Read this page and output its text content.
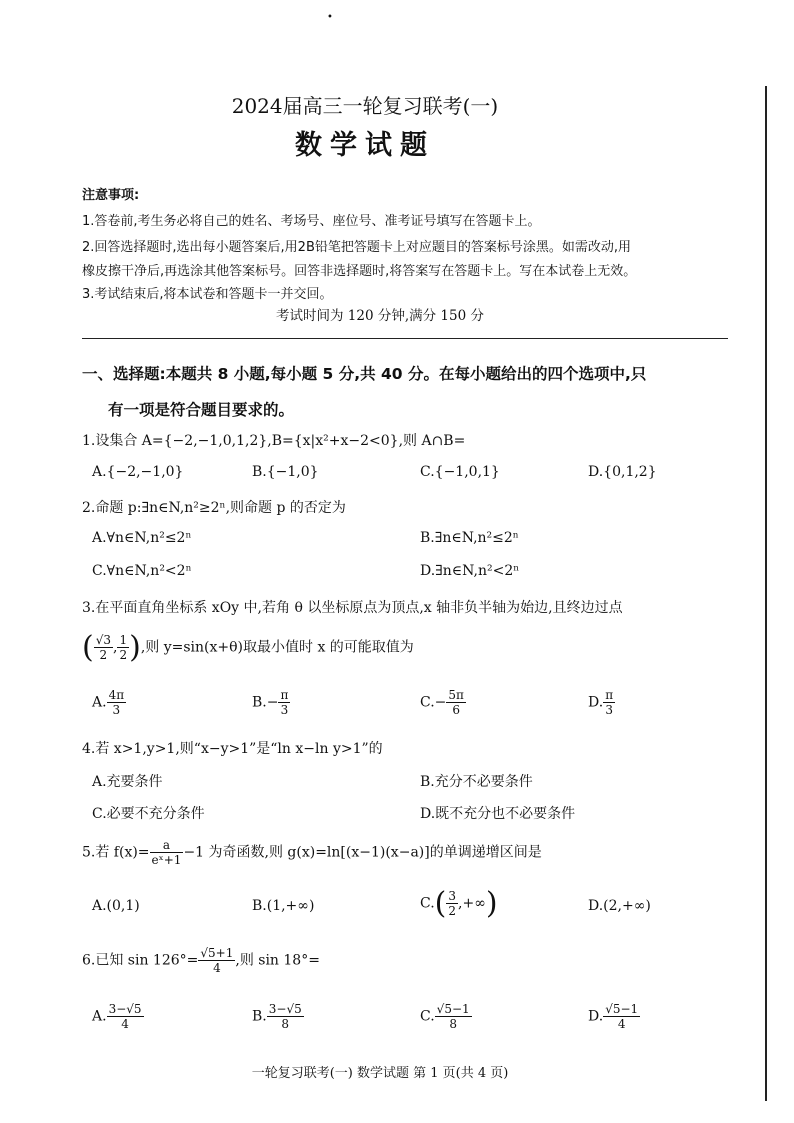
•
2024届高三一轮复习联考(一)
数学试题
注意事项:
1.答卷前,考生务必将自己的姓名、考场号、座位号、准考证号填写在答题卡上。
2.回答选择题时,选出每小题答案后,用2B铅笔把答题卡上对应题目的答案标号涂黑。如需改动,用
橡皮擦干净后,再选涂其他答案标号。回答非选择题时,将答案写在答题卡上。写在本试卷上无效。
3.考试结束后,将本试卷和答题卡一并交回。
考试时间为 120 分钟,满分 150 分
一、选择题:本题共 8 小题,每小题 5 分,共 40 分。在每小题给出的四个选项中,只
有一项是符合题目要求的。
1.设集合 A={−2,−1,0,1,2},B={x|x²+x−2<0},则 A∩B=
A.{−2,−1,0}	B.{−1,0}	C.{−1,0,1}	D.{0,1,2}
2.命题 p:∃n∈N,n²≥2ⁿ,则命题 p 的否定为
A.∀n∈N,n²≤2ⁿ	B.∃n∈N,n²≤2ⁿ
C.∀n∈N,n²<2ⁿ	D.∃n∈N,n²<2ⁿ
3.在平面直角坐标系 xOy 中,若角 θ 以坐标原点为顶点,x 轴非负半轴为始边,且终边过点
( $\frac{√3}{2}$ , $\frac{1}{2}$ ),则 y=sin(x+θ)取最小值时 x 的可能取值为
A. $\frac{4\pi}{3}$	$B.- \frac{\pi}{3}$	$C.- \frac{5\pi}{6}$	D. $\frac{\pi}{3}$
4.若 x>1,y>1,则“x−y>1”是“ln x−ln y>1”的
A.充要条件	B.充分不必要条件
C.必要不充分条件	D.既不充分也不必要条件
5.若 $f(x)= \frac{a}{\text{eˣ+1}} -1$ 为奇函数,则 g(x)=ln[(x−1)(x−a)]的单调递增区间是
A.(0,1)	B.(1,+∞)	$C.( \frac{3}{2}$ ,+∞)	D.(2,+∞)
6.已知 $\sin 126^\circ= \frac{√5+1}{4}$ ,则 sin 18°=
A. $\frac{3-√5}{4}$	B. $\frac{3-√5}{8}$	C. $\frac{√5-1}{8}$	D. $\frac{√5-1}{4}$
一轮复习联考(一) 数学试题 第 1 页(共 4 页)
